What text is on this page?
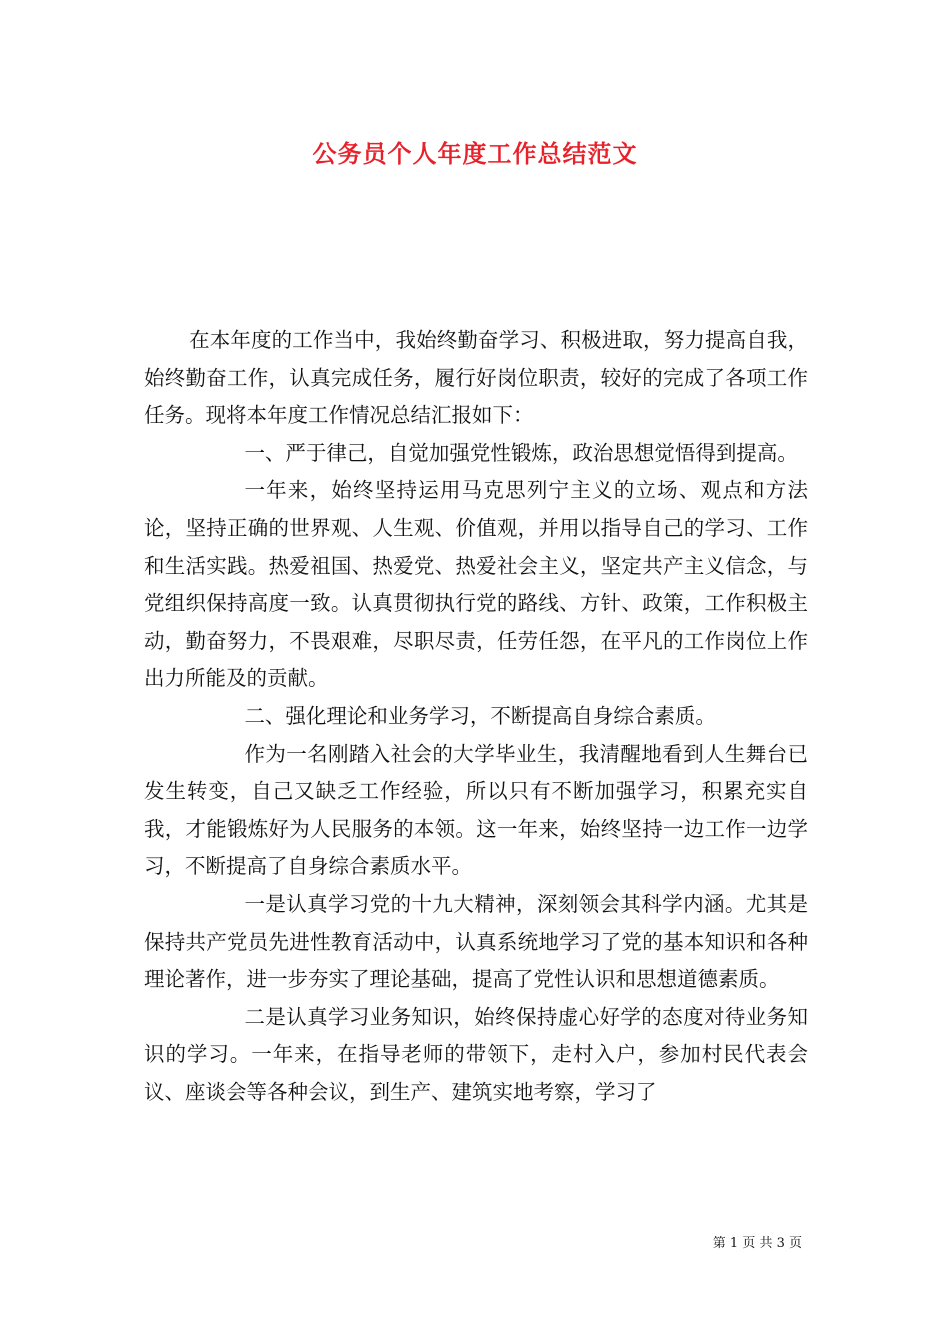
公务员个人年度工作总结范文

在本年度的工作当中，我始终勤奋学习、积极进取，努力提高自我，始终勤奋工作，认真完成任务，履行好岗位职责，较好的完成了各项工作任务。现将本年度工作情况总结汇报如下：

一、严于律己，自觉加强党性锻炼，政治思想觉悟得到提高。

一年来，始终坚持运用马克思列宁主义的立场、观点和方法论，坚持正确的世界观、人生观、价值观，并用以指导自己的学习、工作和生活实践。热爱祖国、热爱党、热爱社会主义，坚定共产主义信念，与党组织保持高度一致。认真贯彻执行党的路线、方针、政策，工作积极主动，勤奋努力，不畏艰难，尽职尽责，任劳任怨，在平凡的工作岗位上作出力所能及的贡献。

二、强化理论和业务学习，不断提高自身综合素质。

作为一名刚踏入社会的大学毕业生，我清醒地看到人生舞台已发生转变，自己又缺乏工作经验，所以只有不断加强学习，积累充实自我，才能锻炼好为人民服务的本领。这一年来，始终坚持一边工作一边学习，不断提高了自身综合素质水平。

一是认真学习党的十九大精神，深刻领会其科学内涵。尤其是保持共产党员先进性教育活动中，认真系统地学习了党的基本知识和各种理论著作，进一步夯实了理论基础，提高了党性认识和思想道德素质。

二是认真学习业务知识，始终保持虚心好学的态度对待业务知识的学习。一年来，在指导老师的带领下，走村入户，参加村民代表会议、座谈会等各种会议，到生产、建筑实地考察，学习了

第 1 页 共 3 页
